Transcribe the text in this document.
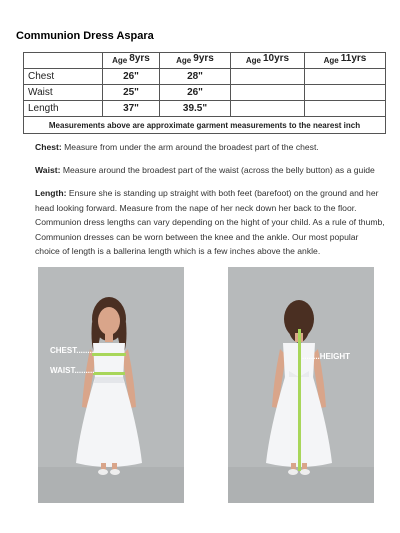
Communion Dress Aspara
	Age 8yrs	Age 9yrs	Age 10yrs	Age 11yrs
Chest	26"	28"		
Waist	25"	26"		
Length	37"	39.5"		
Measurements above are approximate garment measurements to the nearest inch				
Chest: Measure from under the arm around the broadest part of the chest.
Waist: Measure around the broadest part of the waist (across the belly button) as a guide
Length: Ensure she is standing up straight with both feet (barefoot) on the ground and her head looking forward. Measure from the nape of her neck down her back to the floor. Communion dress lengths can vary depending on the hight of your child. As a rule of thumb, Communion dresses can be worn between the knee and the ankle. Our most popular choice of length is a ballerina length which is a few inches above the ankle.
CHEST........
WAIST.........
........HEIGHT
